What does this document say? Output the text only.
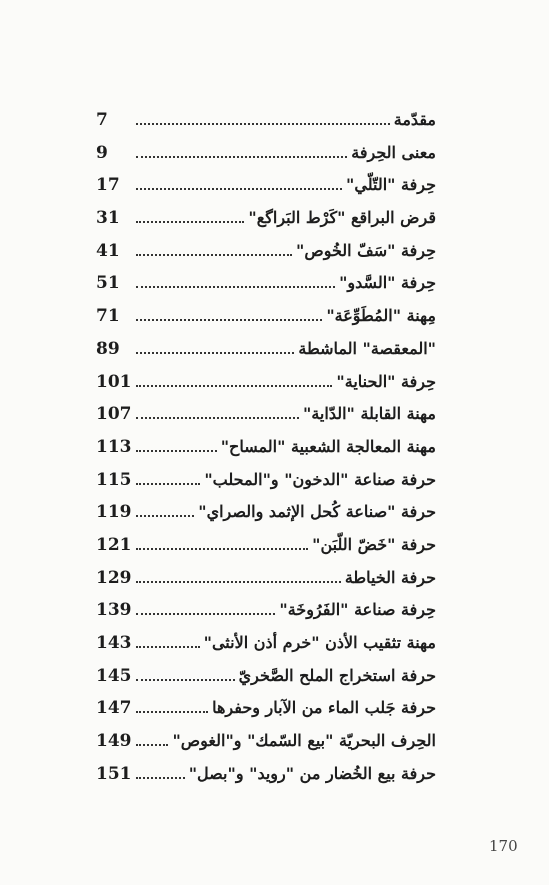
7	مقدّمة
9	معنى الحِرفة
17	حِرفة "التّلّي"
31	قرض البراقع "كَرْط البَراگع"
41	حِرفة "سَفّ الخُوص"
51	حِرفة "السَّدو"
71	مِهنة "المُطَوِّعَة"
89	"المعقصة" الماشطة
101	حِرفة "الحناية"
107	مهنة القابلة "الدّاية"
113	مهنة المعالجة الشعبية "المساح"
115	حرفة صناعة "الدخون" و"المحلب"
119	حرفة "صناعة كُحل الإثمد والصراي"
121	حرفة "خَضّ اللّبَن"
129	حرفة الخياطة
139	حِرفة صناعة "الفَرُوخَة"
143	مهنة تثقيب الأذن "خرم أذن الأنثى"
145	حرفة استخراج الملح الصَّخريّ
147	حرفة جَلب الماء من الآبار وحفرها
149	الحِرف البحريّة "بيع السّمك" و"الغوص"
151	حرفة بيع الخُضار من "رويد" و"بصل"
170
